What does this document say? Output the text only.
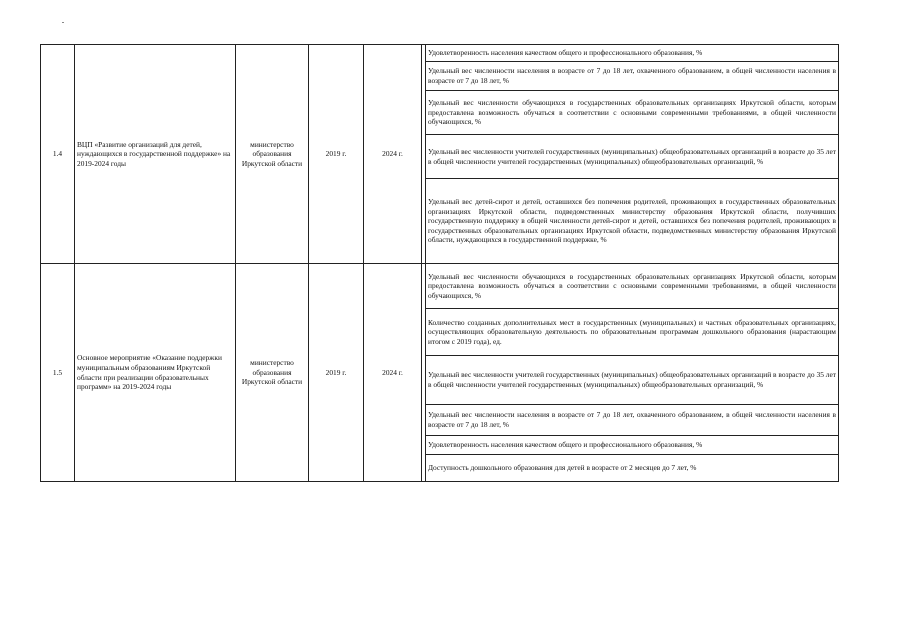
1.4	ВЦП «Развитие организаций для детей, нуждающихся в государственной поддержке» на 2019-2024 годы	министерство образования Иркутской области	2019 г.	2024 г.		Удовлетворенность населения качеством общего и профессионального образования, %
						Удельный вес численности населения в возрасте от 7 до 18 лет, охваченного образованием, в общей численности населения в возрасте от 7 до 18 лет, %
						Удельный вес численности обучающихся в государственных образовательных организациях Иркутской области, которым предоставлена возможность обучаться в соответствии с основными современными требованиями, в общей численности обучающихся, %
						Удельный вес численности учителей государственных (муниципальных) общеобразовательных организаций в возрасте до 35 лет в общей численности учителей государственных (муниципальных) общеобразовательных организаций, %
						Удельный вес детей-сирот и детей, оставшихся без попечения родителей, проживающих в государственных образовательных организациях Иркутской области, подведомственных министерству образования Иркутской области, получивших государственную поддержку в общей численности детей-сирот и детей, оставшихся без попечения родителей, проживающих в государственных образовательных организациях Иркутской области, подведомственных министерству образования Иркутской области, нуждающихся в государственной поддержке, %
1.5	Основное мероприятие «Оказание поддержки муниципальным образованиям Иркутской области при реализации образовательных программ» на 2019-2024 годы	министерство образования Иркутской области	2019 г.	2024 г.		Удельный вес численности обучающихся в государственных образовательных организациях Иркутской области, которым предоставлена возможность обучаться в соответствии с основными современными требованиями, в общей численности обучающихся, %
						Количество созданных дополнительных мест в государственных (муниципальных) и частных образовательных организациях, осуществляющих образовательную деятельность по образовательным программам дошкольного образования (нарастающим итогом с 2019 года), ед.
						Удельный вес численности учителей государственных (муниципальных) общеобразовательных организаций в возрасте до 35 лет в общей численности учителей государственных (муниципальных) общеобразовательных организаций, %
						Удельный вес численности населения в возрасте от 7 до 18 лет, охваченного образованием, в общей численности населения в возрасте от 7 до 18 лет, %
						Удовлетворенность населения качеством общего и профессионального образования, %
						Доступность дошкольного образования для детей в возрасте от 2 месяцев до 7 лет, %
